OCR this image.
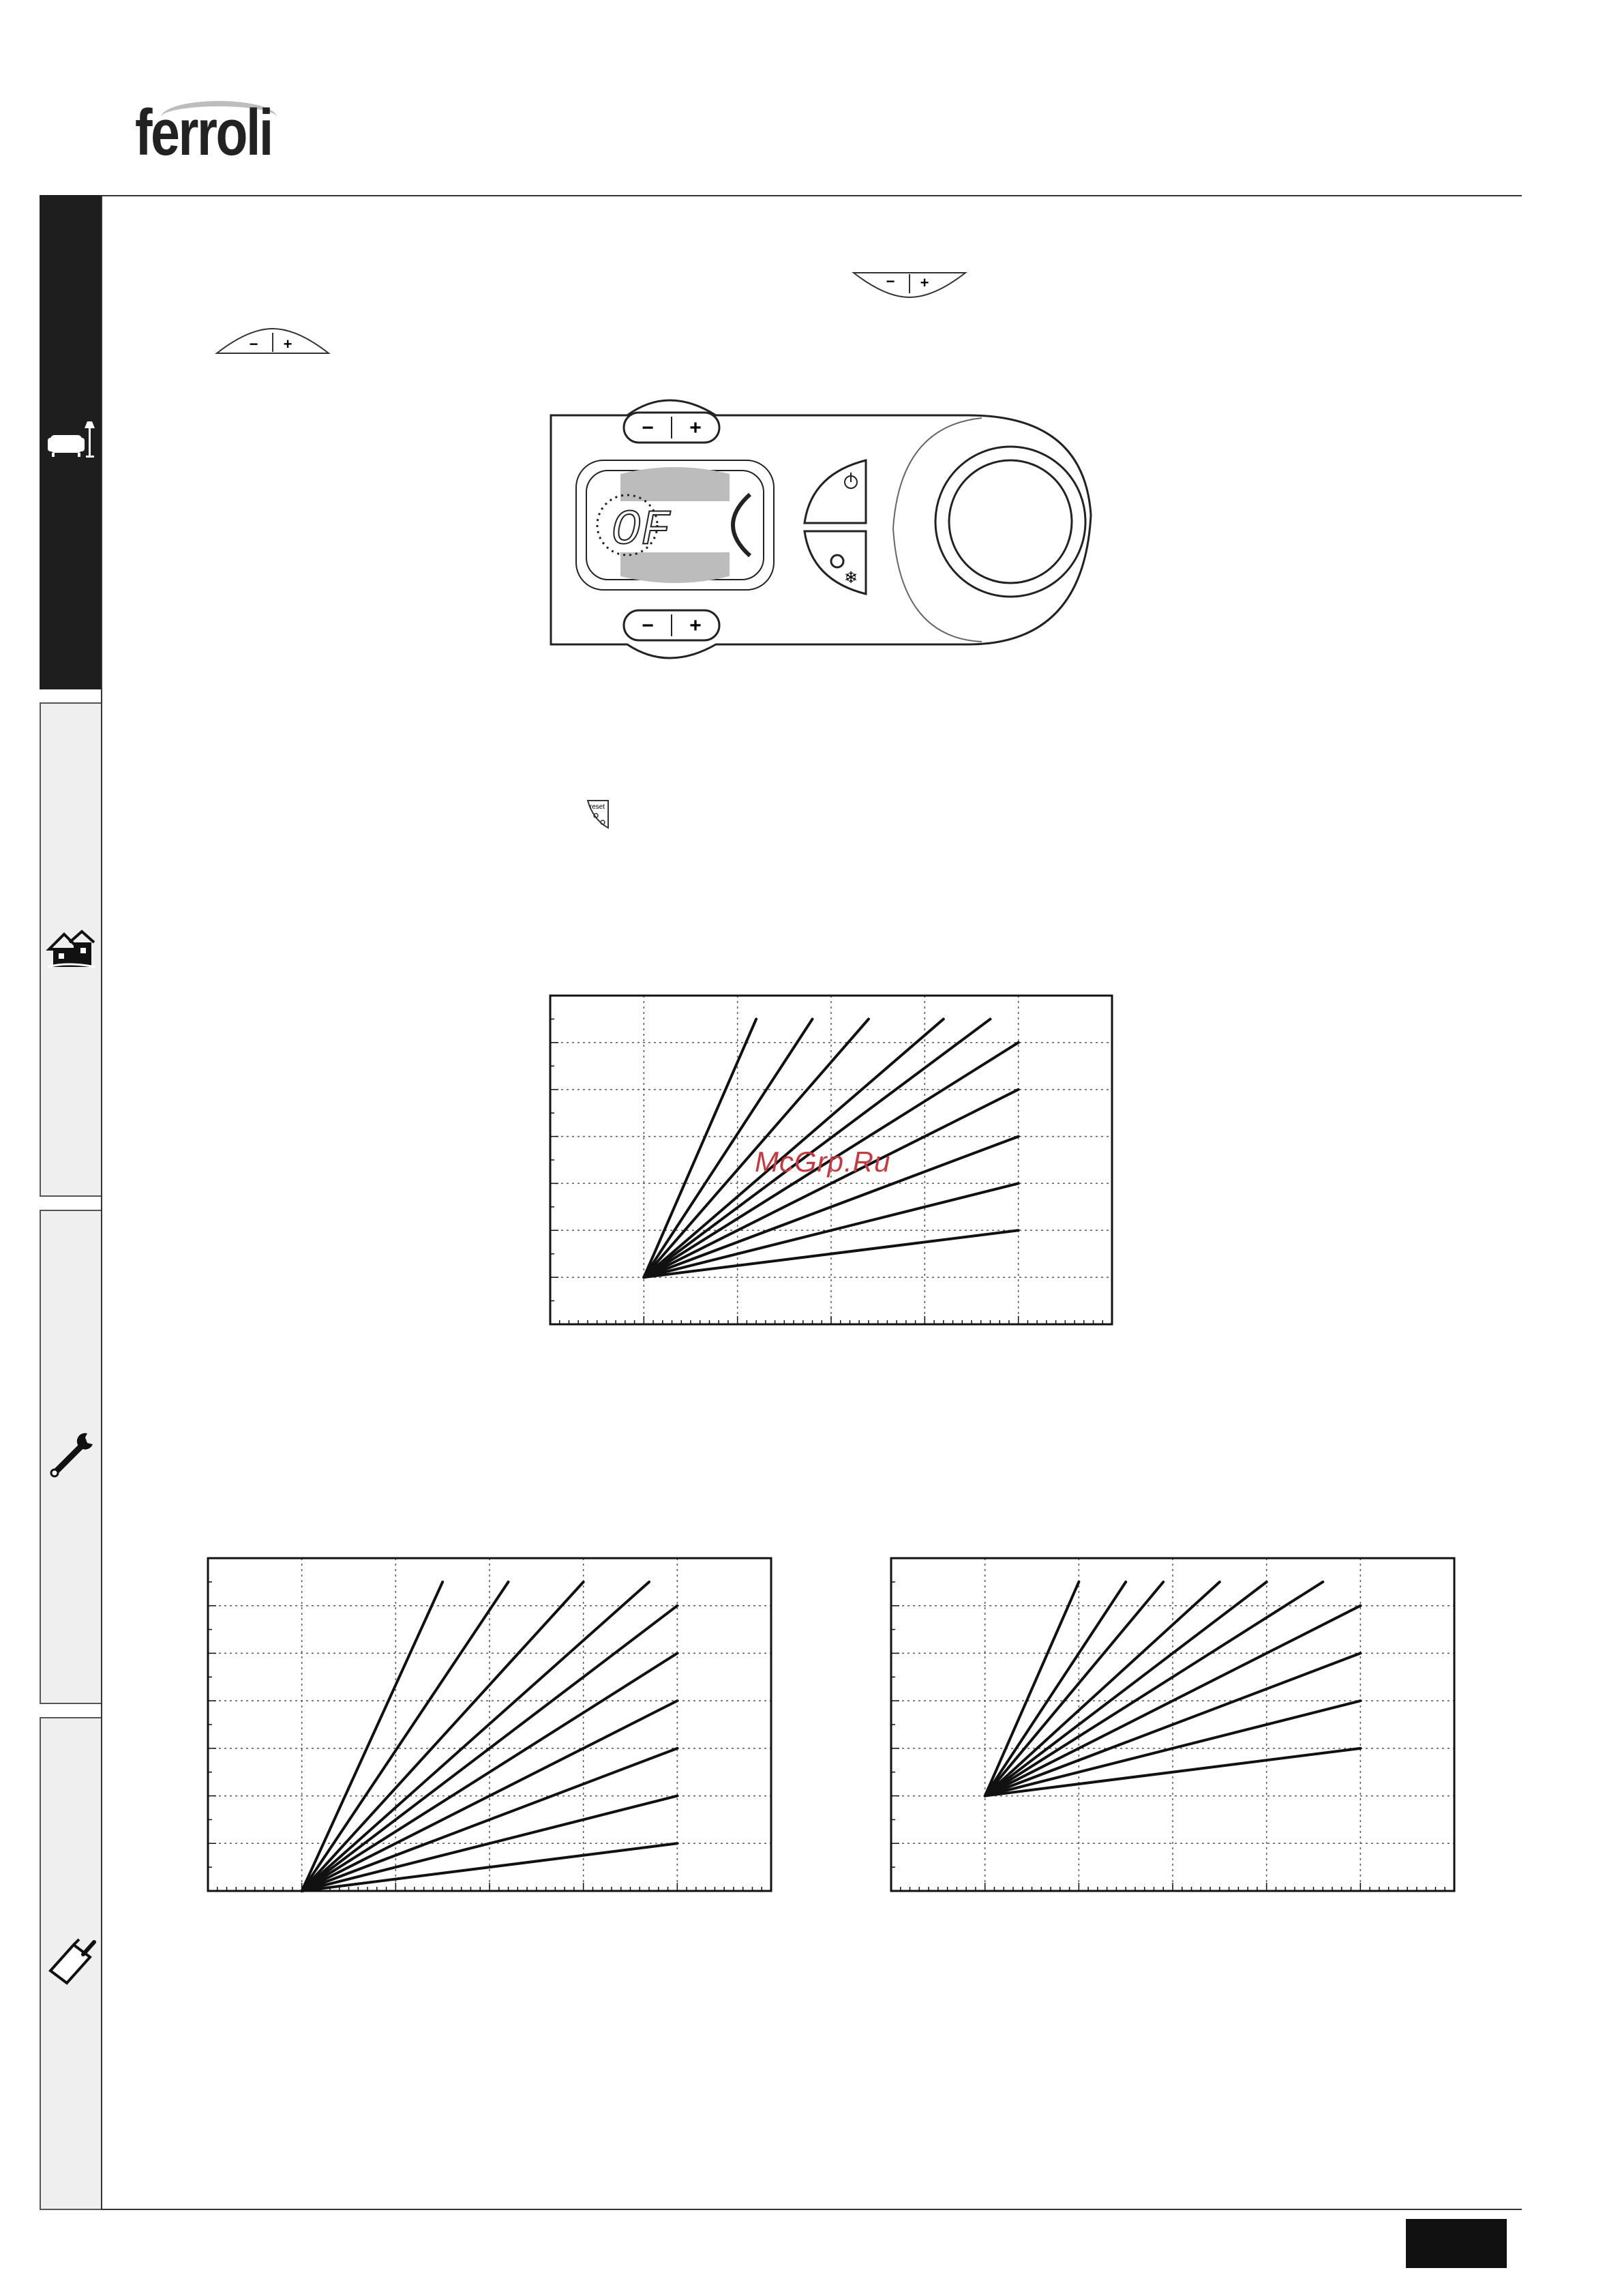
ferroli
− +
− +
− +
− +
OF
❄
reset
McGrp.Ru
